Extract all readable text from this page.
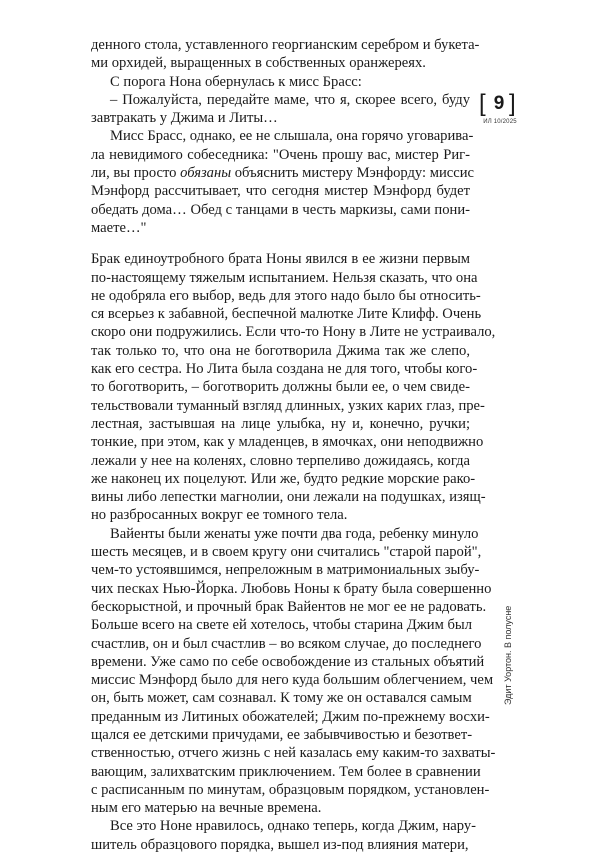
денного стола, уставленного георгианским серебром и букета-
ми орхидей, выращенных в собственных оранжереях.

С порога Нона обернулась к мисс Брасс:

– Пожалуйста, передайте маме, что я, скорее всего, буду
завтракать у Джима и Литы…

Мисс Брасс, однако, ее не слышала, она горячо уговарива-
ла невидимого собеседника: "Очень прошу вас, мистер Риг-
ли, вы просто обязаны объяснить мистеру Мэнфорду: миссис
Мэнфорд рассчитывает, что сегодня мистер Мэнфорд будет
обедать дома… Обед с танцами в честь маркизы, сами пони-
маете…"

Брак единоутробного брата Ноны явился в ее жизни первым
по-настоящему тяжелым испытанием. Нельзя сказать, что она
не одобряла его выбор, ведь для этого надо было бы относить-
ся всерьез к забавной, беспечной малютке Лите Клифф. Очень
скоро они подружились. Если что-то Нону в Лите не устраивало,
так только то, что она не боготворила Джима так же слепо,
как его сестра. Но Лита была создана не для того, чтобы кого-
то боготворить, – боготворить должны были ее, о чем свиде-
тельствовали туманный взгляд длинных, узких карих глаз, пре-
лестная, застывшая на лице улыбка, ну и, конечно, ручки;
тонкие, при этом, как у младенцев, в ямочках, они неподвижно
лежали у нее на коленях, словно терпеливо дожидаясь, когда
же наконец их поцелуют. Или же, будто редкие морские рако-
вины либо лепестки магнолии, они лежали на подушках, изящ-
но разбросанных вокруг ее томного тела.

Вайенты были женаты уже почти два года, ребенку минуло
шесть месяцев, и в своем кругу они считались "старой парой",
чем-то устоявшимся, непреложным в матримониальных зыбу-
чих песках Нью-Йорка. Любовь Ноны к брату была совершенно
бескорыстной, и прочный брак Вайентов не мог ее не радовать.
Больше всего на свете ей хотелось, чтобы старина Джим был
счастлив, он и был счастлив – во всяком случае, до последнего
времени. Уже само по себе освобождение из стальных объятий
миссис Мэнфорд было для него куда большим облегчением, чем
он, быть может, сам сознавал. К тому же он оставался самым
преданным из Литиных обожателей; Джим по-прежнему восхи-
щался ее детскими причудами, ее забывчивостью и безответ-
ственностью, отчего жизнь с ней казалась ему каким-то захваты-
вающим, залихватским приключением. Тем более в сравнении
с расписанным по минутам, образцовым порядком, установлен-
ным его матерью на вечные времена.

Все это Ноне нравилось, однако теперь, когда Джим, нару-
шитель образцового порядка, вышел из-под влияния матери,

[ 9 ]
ИЛ 10/2025
Эдит Уортон. В полусне
